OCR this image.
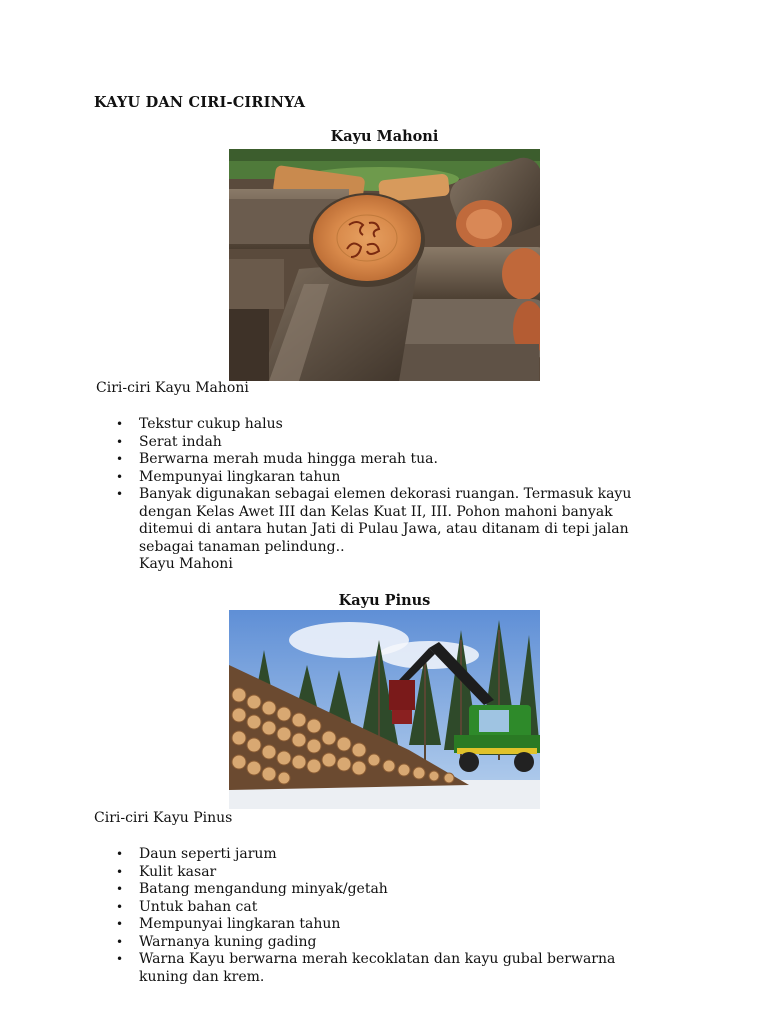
KAYU DAN CIRI-CIRINYA
Kayu Mahoni

Ciri-ciri Kayu Mahoni

• Tekstur cukup halus
• Serat indah
• Berwarna merah muda hingga merah tua.
• Mempunyai lingkaran tahun
• Banyak digunakan sebagai elemen dekorasi ruangan. Termasuk kayu dengan Kelas Awet III dan Kelas Kuat II, III. Pohon mahoni banyak ditemui di antara hutan Jati di Pulau Jawa, atau ditanam di tepi jalan sebagai tanaman pelindung..
Kayu Mahoni
Kayu Pinus

Ciri-ciri Kayu Pinus

• Daun seperti jarum
• Kulit kasar
• Batang mengandung minyak/getah
• Untuk bahan cat
• Mempunyai lingkaran tahun
• Warnanya kuning gading
• Warna Kayu berwarna merah kecoklatan dan kayu gubal berwarna kuning dan krem.
